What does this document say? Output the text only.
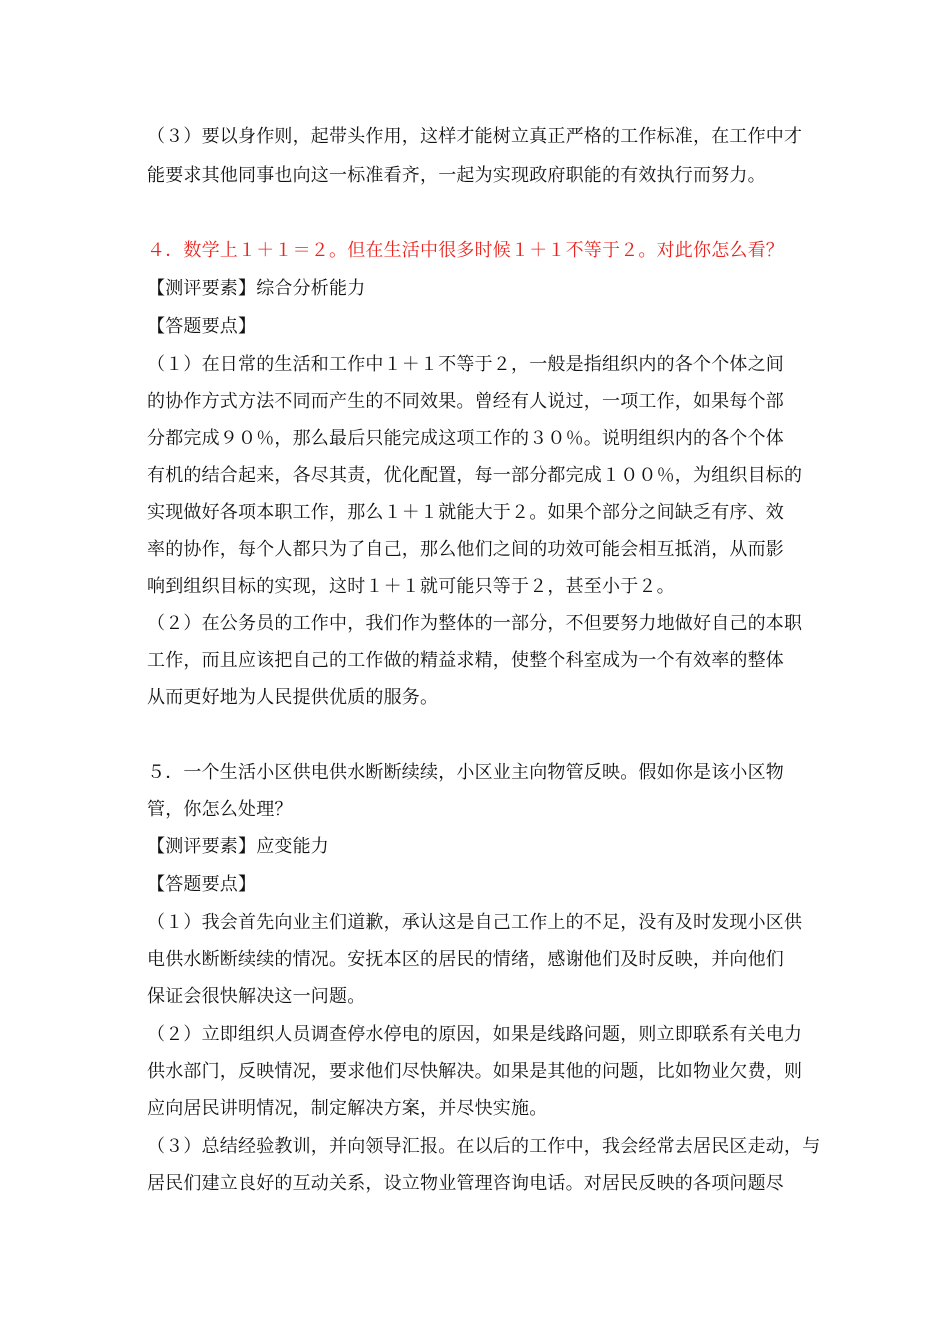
（３）要以身作则，起带头作用，这样才能树立真正严格的工作标准，在工作中才
能要求其他同事也向这一标准看齐，一起为实现政府职能的有效执行而努力。
４．数学上１＋１＝２。但在生活中很多时候１＋１不等于２。对此你怎么看？
【测评要素】综合分析能力
【答题要点】
（１）在日常的生活和工作中１＋１不等于２，一般是指组织内的各个个体之间
的协作方式方法不同而产生的不同效果。曾经有人说过，一项工作，如果每个部
分都完成９０％，那么最后只能完成这项工作的３０％。说明组织内的各个个体
有机的结合起来，各尽其责，优化配置，每一部分都完成１００％，为组织目标的
实现做好各项本职工作，那么１＋１就能大于２。如果个部分之间缺乏有序、效
率的协作，每个人都只为了自己，那么他们之间的功效可能会相互抵消，从而影
响到组织目标的实现，这时１＋１就可能只等于２，甚至小于２。
（２）在公务员的工作中，我们作为整体的一部分，不但要努力地做好自己的本职
工作，而且应该把自己的工作做的精益求精，使整个科室成为一个有效率的整体
从而更好地为人民提供优质的服务。
５．一个生活小区供电供水断断续续，小区业主向物管反映。假如你是该小区物
管，你怎么处理？
【测评要素】应变能力
【答题要点】
（１）我会首先向业主们道歉，承认这是自己工作上的不足，没有及时发现小区供
电供水断断续续的情况。安抚本区的居民的情绪，感谢他们及时反映，并向他们
保证会很快解决这一问题。
（２）立即组织人员调查停水停电的原因，如果是线路问题，则立即联系有关电力
供水部门，反映情况，要求他们尽快解决。如果是其他的问题，比如物业欠费，则
应向居民讲明情况，制定解决方案，并尽快实施。
（３）总结经验教训，并向领导汇报。在以后的工作中，我会经常去居民区走动，与
居民们建立良好的互动关系，设立物业管理咨询电话。对居民反映的各项问题尽
